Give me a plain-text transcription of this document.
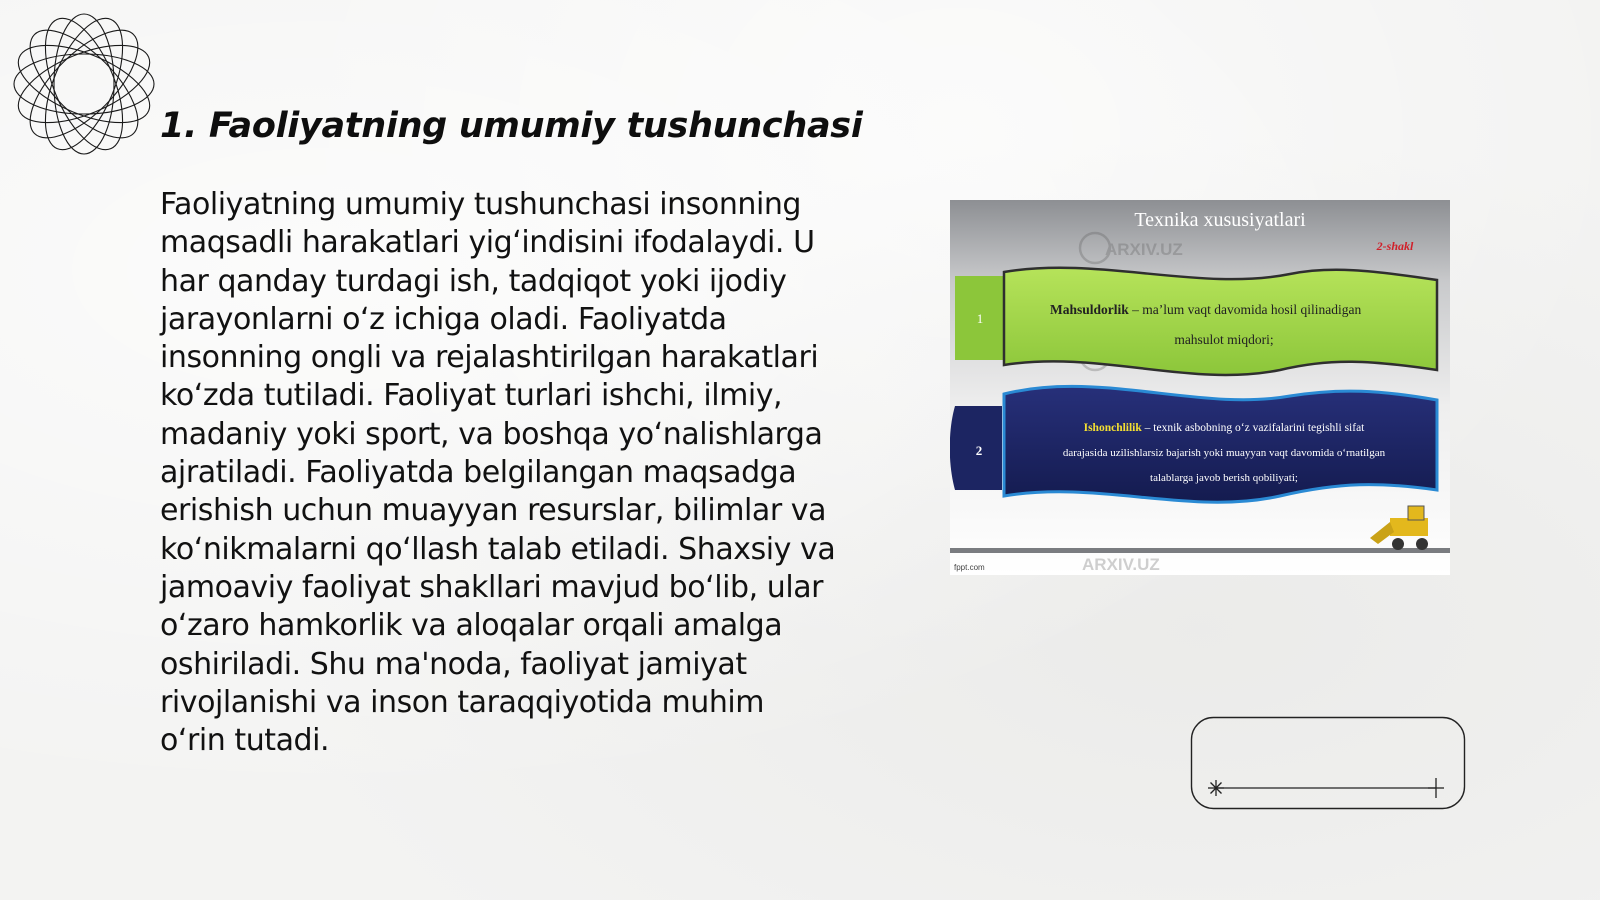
1. Faoliyatning umumiy tushunchasi

Faoliyatning umumiy tushunchasi insonning maqsadli harakatlari yig‘indisini ifodalaydi. U har qanday turdagi ish, tadqiqot yoki ijodiy jarayonlarni o‘z ichiga oladi. Faoliyatda insonning ongli va rejalashtirilgan harakatlari ko‘zda tutiladi. Faoliyat turlari ishchi, ilmiy, madaniy yoki sport, va boshqa yo‘nalishlarga ajratiladi. Faoliyatda belgilangan maqsadga erishish uchun muayyan resurslar, bilimlar va ko‘nikmalarni qo‘llash talab etiladi. Shaxsiy va jamoaviy faoliyat shakllari mavjud bo‘lib, ular o‘zaro hamkorlik va aloqalar orqali amalga oshiriladi. Shu ma'noda, faoliyat jamiyat rivojlanishi va inson taraqqiyotida muhim o‘rin tutadi.

Texnika xususiyatlari
2-shakl
ARXIV.UZ
ARXIV.UZ
1
Mahsuldorlik – ma’lum vaqt davomida hosil qilinadigan
mahsulot miqdori;
2
Ishonchlilik – texnik asbobning o‘z vazifalarini tegishli sifat
darajasida uzilishlarsiz bajarish yoki muayyan vaqt davomida o‘rnatilgan
talablarga javob berish qobiliyati;
fppt.com
